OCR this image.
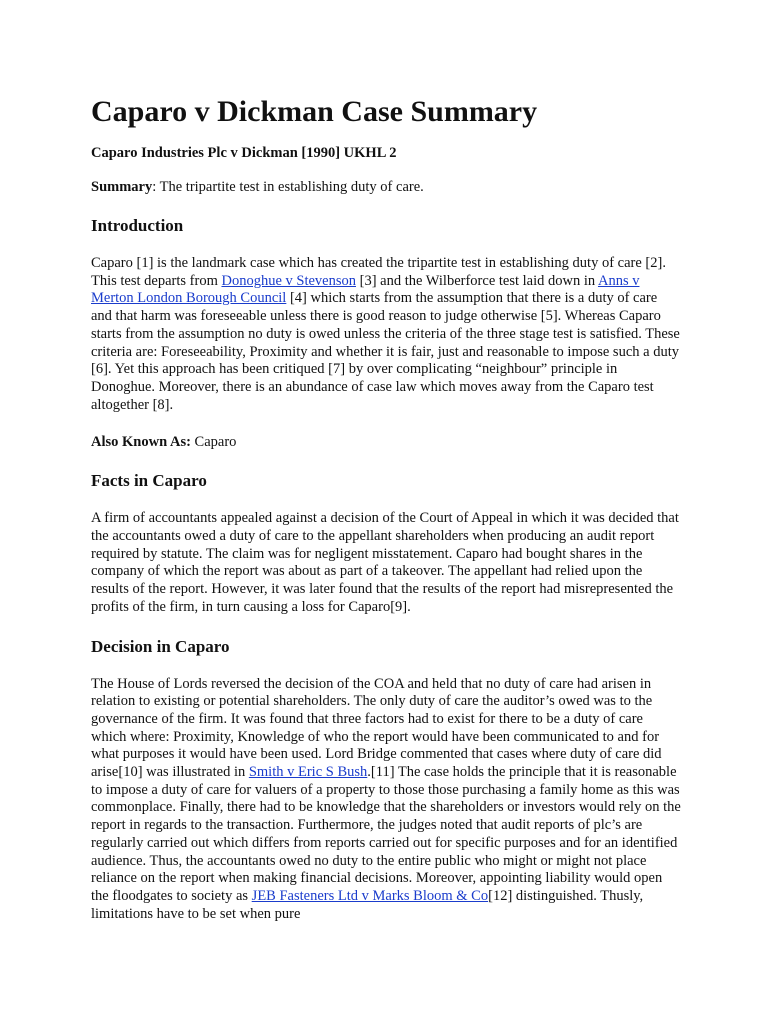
Caparo v Dickman Case Summary

Caparo Industries Plc v Dickman [1990] UKHL 2

Summary: The tripartite test in establishing duty of care.

Introduction

Caparo [1] is the landmark case which has created the tripartite test in establishing duty of care [2]. This test departs from Donoghue v Stevenson [3] and the Wilberforce test laid down in Anns v Merton London Borough Council [4] which starts from the assumption that there is a duty of care and that harm was foreseeable unless there is good reason to judge otherwise [5]. Whereas Caparo starts from the assumption no duty is owed unless the criteria of the three stage test is satisfied. These criteria are: Foreseeability, Proximity and whether it is fair, just and reasonable to impose such a duty [6]. Yet this approach has been critiqued [7] by over complicating “neighbour” principle in Donoghue. Moreover, there is an abundance of case law which moves away from the Caparo test altogether [8].

Also Known As: Caparo

Facts in Caparo

A firm of accountants appealed against a decision of the Court of Appeal in which it was decided that the accountants owed a duty of care to the appellant shareholders when producing an audit report required by statute. The claim was for negligent misstatement. Caparo had bought shares in the company of which the report was about as part of a takeover. The appellant had relied upon the results of the report. However, it was later found that the results of the report had misrepresented the profits of the firm, in turn causing a loss for Caparo[9].

Decision in Caparo

The House of Lords reversed the decision of the COA and held that no duty of care had arisen in relation to existing or potential shareholders. The only duty of care the auditor’s owed was to the governance of the firm. It was found that three factors had to exist for there to be a duty of care which where: Proximity, Knowledge of who the report would have been communicated to and for what purposes it would have been used. Lord Bridge commented that cases where duty of care did arise[10] was illustrated in Smith v Eric S Bush.[11] The case holds the principle that it is reasonable to impose a duty of care for valuers of a property to those those purchasing a family home as this was commonplace. Finally, there had to be knowledge that the shareholders or investors would rely on the report in regards to the transaction. Furthermore, the judges noted that audit reports of plc’s are regularly carried out which differs from reports carried out for specific purposes and for an identified audience. Thus, the accountants owed no duty to the entire public who might or might not place reliance on the report when making financial decisions. Moreover, appointing liability would open the floodgates to society as JEB Fasteners Ltd v Marks Bloom & Co[12] distinguished. Thusly, limitations have to be set when pure
